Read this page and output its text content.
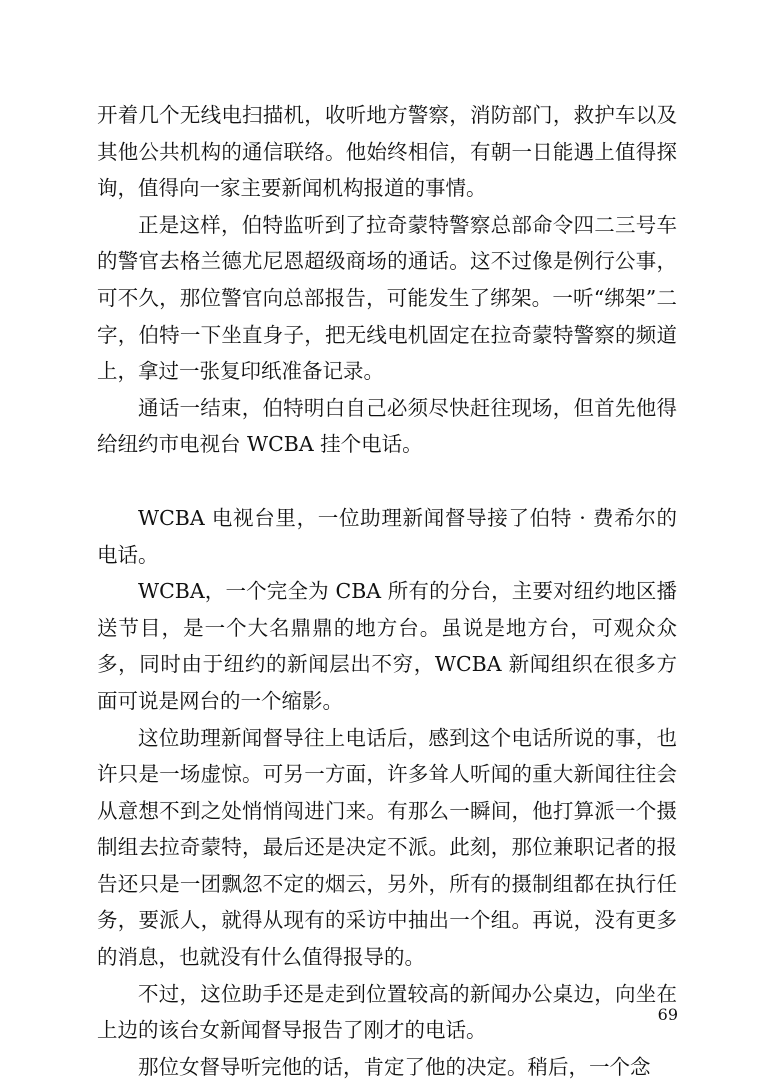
开着几个无线电扫描机，收听地方警察，消防部门，救护车以及其他公共机构的通信联络。他始终相信，有朝一日能遇上值得探询，值得向一家主要新闻机构报道的事情。

正是这样，伯特监听到了拉奇蒙特警察总部命令四二三号车的警官去格兰德尤尼恩超级商场的通话。这不过像是例行公事，可不久，那位警官向总部报告，可能发生了绑架。一听“绑架”二字，伯特一下坐直身子，把无线电机固定在拉奇蒙特警察的频道上，拿过一张复印纸准备记录。

通话一结束，伯特明白自己必须尽快赶往现场，但首先他得给纽约市电视台 WCBA 挂个电话。

WCBA 电视台里，一位助理新闻督导接了伯特 · 费希尔的电话。

WCBA，一个完全为 CBA 所有的分台，主要对纽约地区播送节目，是一个大名鼎鼎的地方台。虽说是地方台，可观众众多，同时由于纽约的新闻层出不穷，WCBA 新闻组织在很多方面可说是网台的一个缩影。

这位助理新闻督导往上电话后，感到这个电话所说的事，也许只是一场虚惊。可另一方面，许多耸人听闻的重大新闻往往会从意想不到之处悄悄闯进门来。有那么一瞬间，他打算派一个摄制组去拉奇蒙特，最后还是决定不派。此刻，那位兼职记者的报告还只是一团飘忽不定的烟云，另外，所有的摄制组都在执行任务，要派人，就得从现有的采访中抽出一个组。再说，没有更多的消息，也就没有什么值得报导的。

不过，这位助手还是走到位置较高的新闻办公桌边，向坐在上边的该台女新闻督导报告了刚才的电话。

那位女督导听完他的话，肯定了他的决定。稍后，一个念

69
